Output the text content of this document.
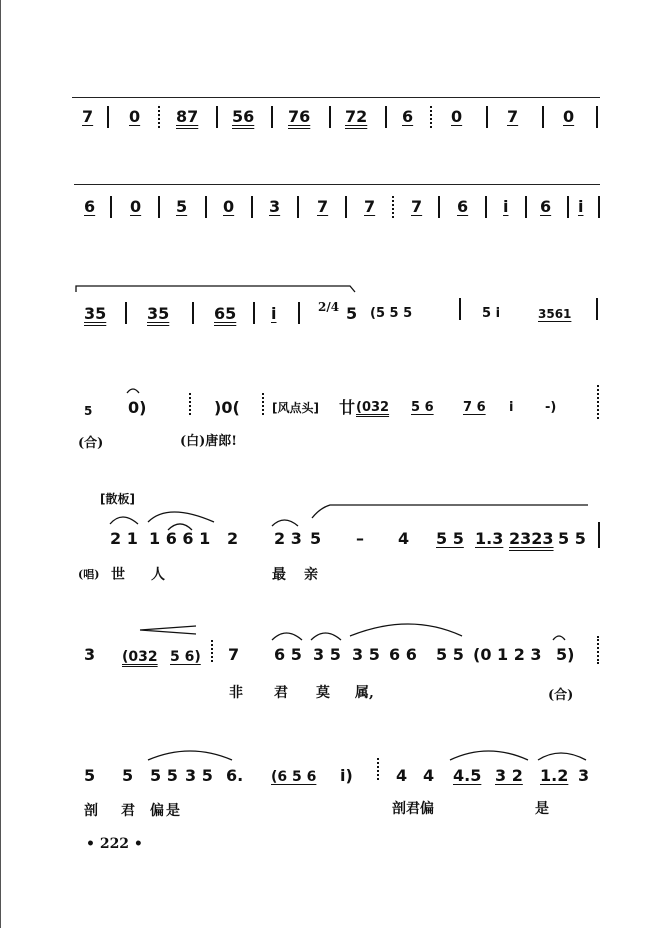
7 0 87 56 76 72 6 0	7	0
6 0 5 0 3 7 7 7 6 i 6 i
35	35	65 i	2/4 5 (5 5 5	5 i	3561
5 0)	)0(	[风点头] 廿 (032 5 6 7 6 i -)
(合)	(白)唐郎!
[散板]
2 1 1 6 6 1 2 2 3 5 – 4 5 5 1.3 2323 5 5
(唱) 世 人	最 亲
3 (032 5 6) 7 6 5 3 5 3 5 6 6 5 5 (0 1 2 3 5)
非 君 莫 属,	(合)
5 5 5 5 3 5 6. (6 5 6 i)	4 4 4.5 3 2 1.2 3
剖 君 偏 是	剖君偏	是
• 222 •
